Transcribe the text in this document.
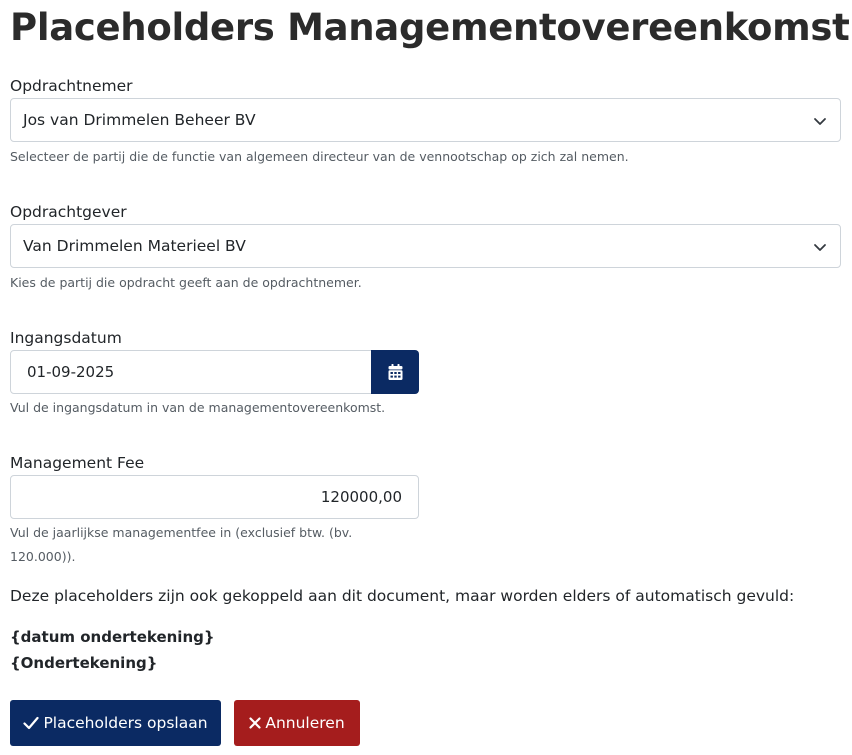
Placeholders Managementovereenkomst
Opdrachtnemer
Jos van Drimmelen Beheer BV
Selecteer de partij die de functie van algemeen directeur van de vennootschap op zich zal nemen.
Opdrachtgever
Van Drimmelen Materieel BV
Kies de partij die opdracht geeft aan de opdrachtnemer.
Ingangsdatum
01-09-2025
Vul de ingangsdatum in van de managementovereenkomst.
Management Fee
120000,00
Vul de jaarlijkse managementfee in (exclusief btw. (bv.
120.000)).
Deze placeholders zijn ook gekoppeld aan dit document, maar worden elders of automatisch gevuld:
{datum ondertekening}
{Ondertekening}
Placeholders opslaan	Annuleren
